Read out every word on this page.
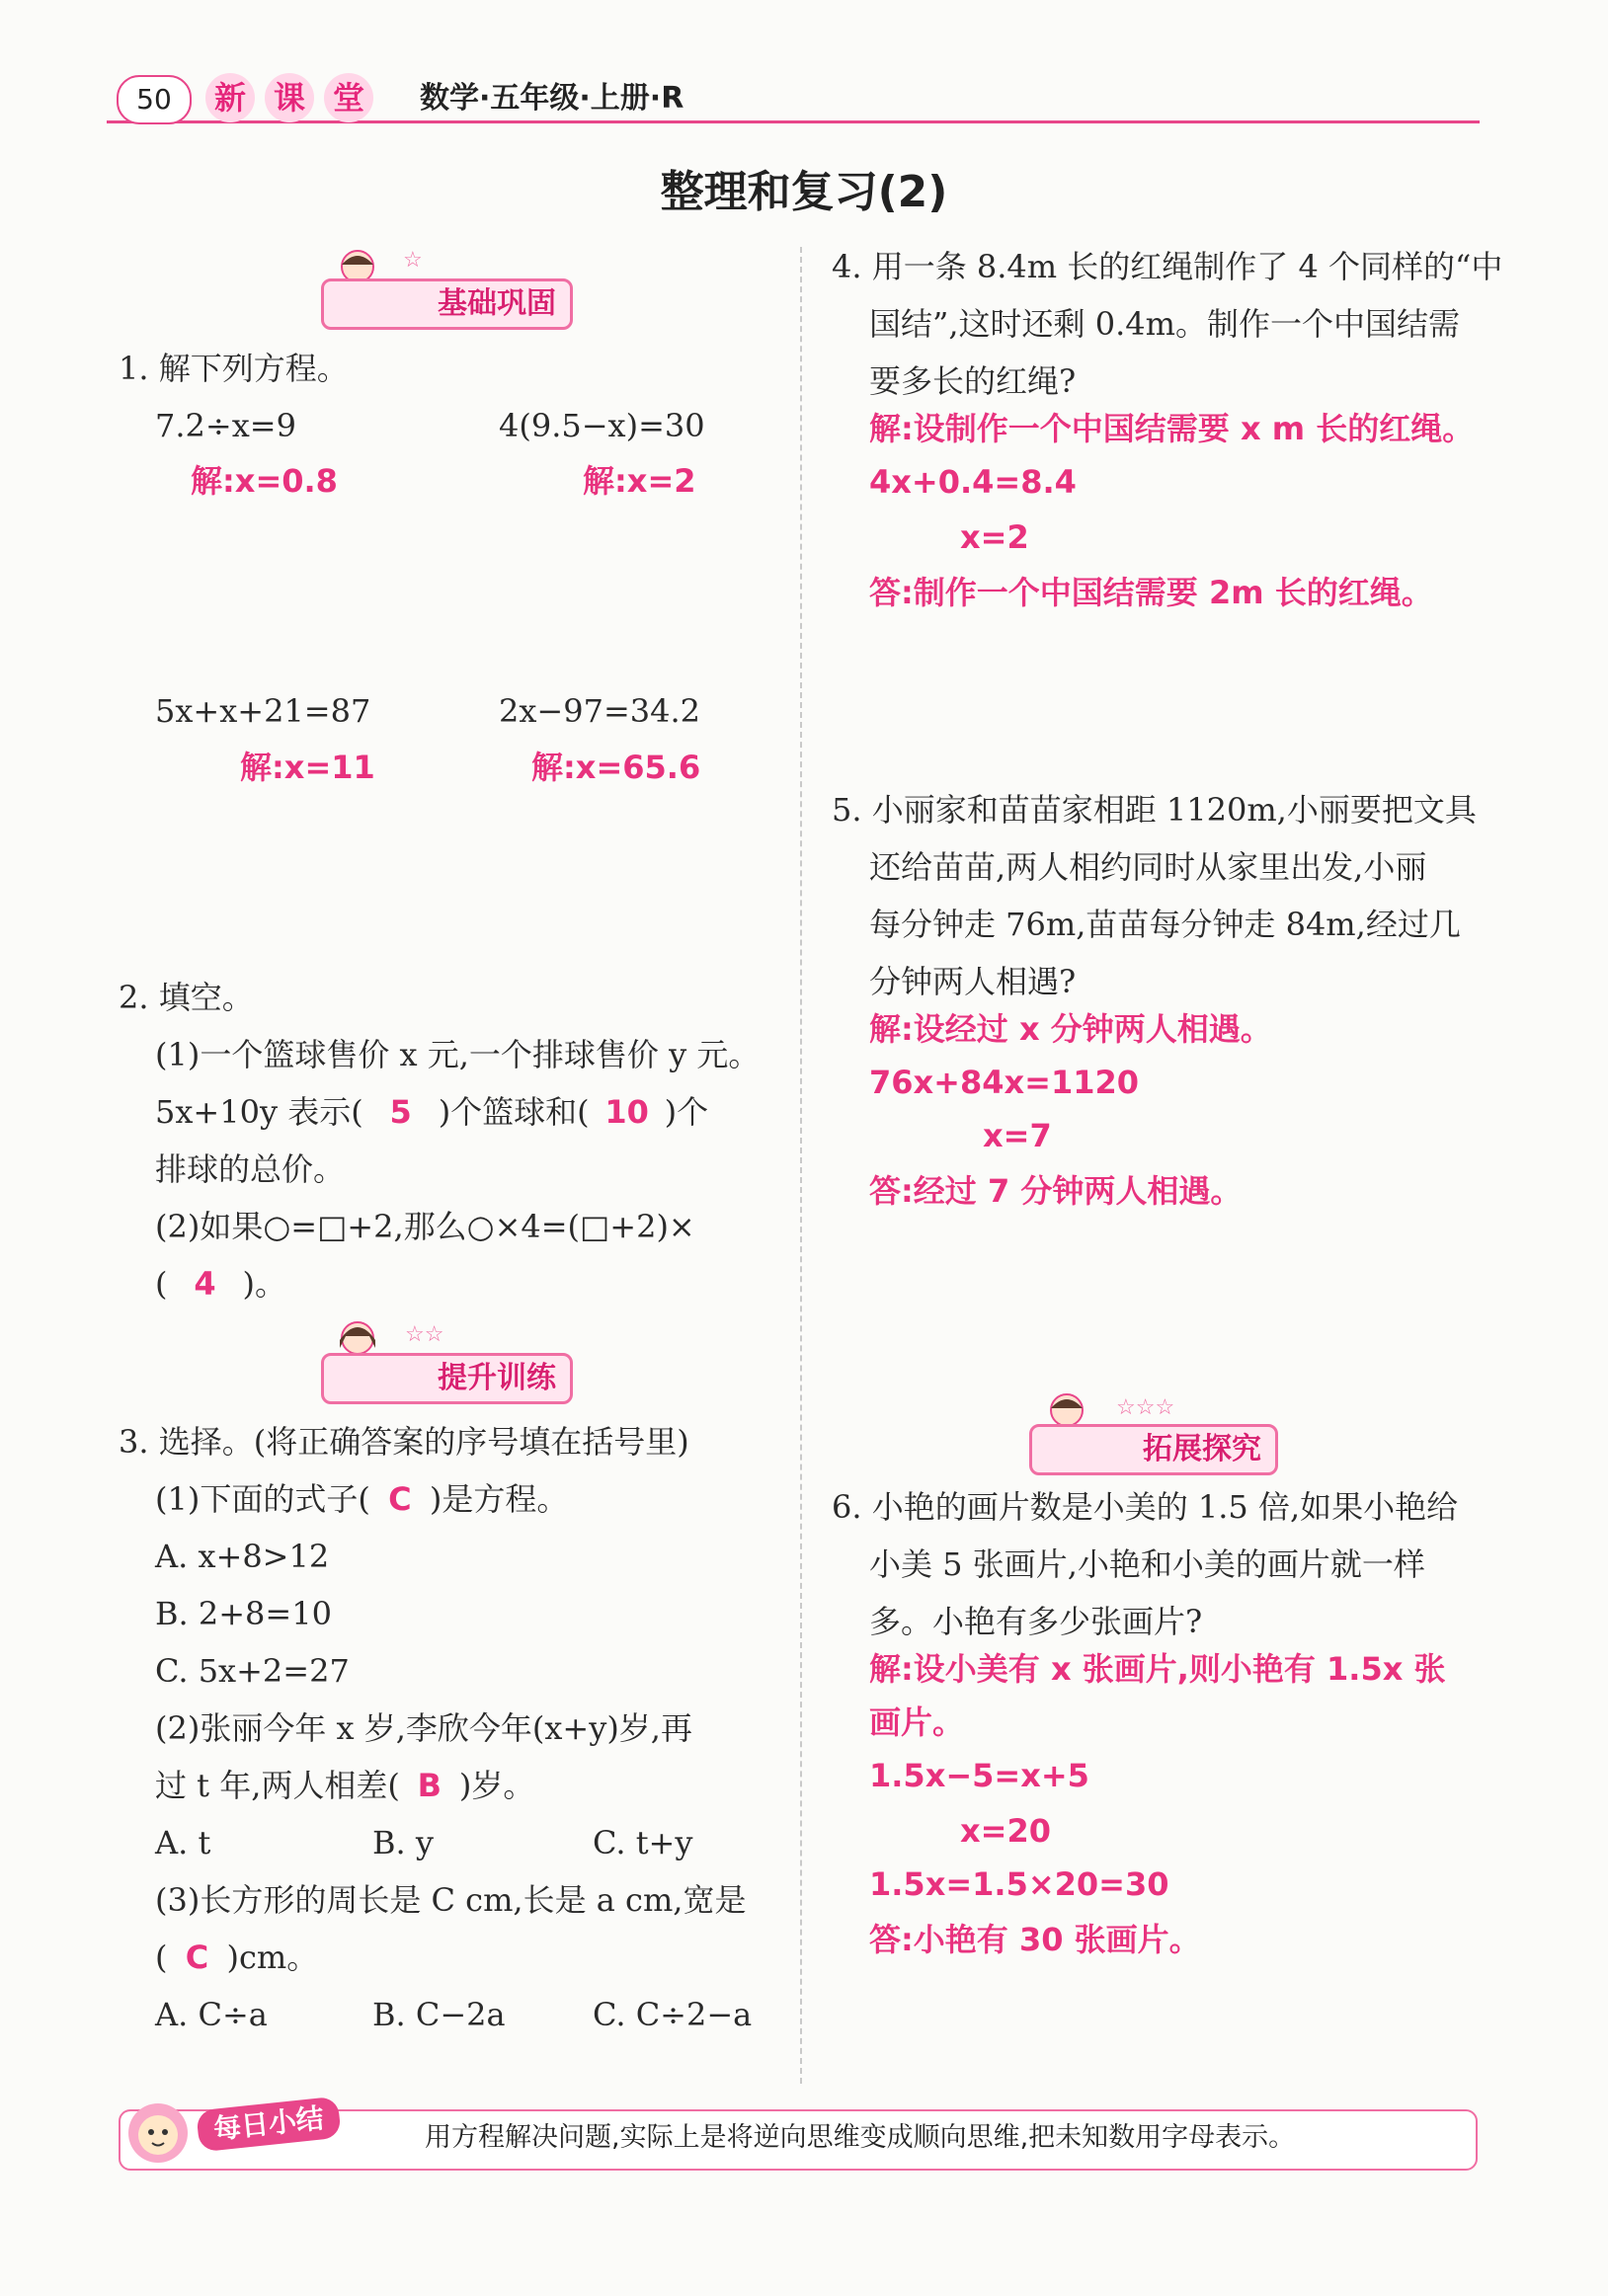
50	新 课 堂	数学·五年级·上册·R
整理和复习(2)
☆
基础巩固
1. 解下列方程。
7.2÷x=9	4(9.5−x)=30
解:x=0.8	解:x=2
5x+x+21=87	2x−97=34.2
解:x=11	解:x=65.6
2. 填空。
(1)一个篮球售价 x 元,一个排球售价 y 元。
5x+10y 表示( 5 )个篮球和( 10 )个
排球的总价。
(2)如果○=□+2,那么○×4=(□+2)×
( 4 )。
☆☆
提升训练
3. 选择。(将正确答案的序号填在括号里)
(1)下面的式子( C )是方程。
A. x+8>12
B. 2+8=10
C. 5x+2=27
(2)张丽今年 x 岁,李欣今年(x+y)岁,再
过 t 年,两人相差( B )岁。
A. t	B. y	C. t+y
(3)长方形的周长是 C cm,长是 a cm,宽是
( C )cm。
A. C÷a	B. C−2a	C. C÷2−a
4. 用一条 8.4m 长的红绳制作了 4 个同样的“中
国结”,这时还剩 0.4m。制作一个中国结需
要多长的红绳?
解:设制作一个中国结需要 x m 长的红绳。
4x+0.4=8.4
x=2
答:制作一个中国结需要 2m 长的红绳。
5. 小丽家和苗苗家相距 1120m,小丽要把文具
还给苗苗,两人相约同时从家里出发,小丽
每分钟走 76m,苗苗每分钟走 84m,经过几
分钟两人相遇?
解:设经过 x 分钟两人相遇。
76x+84x=1120
x=7
答:经过 7 分钟两人相遇。
☆☆☆
拓展探究
6. 小艳的画片数是小美的 1.5 倍,如果小艳给
小美 5 张画片,小艳和小美的画片就一样
多。小艳有多少张画片?
解:设小美有 x 张画片,则小艳有 1.5x 张
画片。
1.5x−5=x+5
x=20
1.5x=1.5×20=30
答:小艳有 30 张画片。
每日小结	用方程解决问题,实际上是将逆向思维变成顺向思维,把未知数用字母表示。
